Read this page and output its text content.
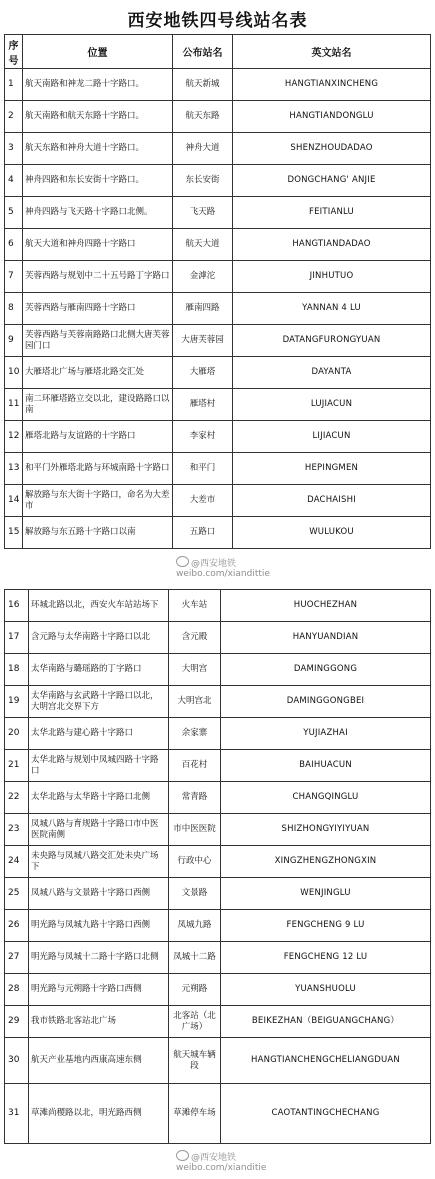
西安地铁四号线站名表
序号	位置	公布站名	英文站名
1	航天南路和神龙二路十字路口。	航天新城	HANGTIANXINCHENG
2	航天南路和航天东路十字路口。	航天东路	HANGTIANDONGLU
3	航天东路和神舟大道十字路口。	神舟大道	SHENZHOUDADAO
4	神舟四路和东长安街十字路口。	东长安街	DONGCHANG' ANJIE
5	神舟四路与飞天路十字路口北侧。	飞天路	FEITIANLU
6	航天大道和神舟四路十字路口	航天大道	HANGTIANDADAO
7	芙蓉西路与规划中二十五号路丁字路口	金滹沱	JINHUTUO
8	芙蓉西路与雁南四路十字路口	雁南四路	YANNAN 4 LU
9	芙蓉西路与芙蓉南路路口北侧大唐芙蓉园门口	大唐芙蓉园	DATANGFURONGYUAN
10	大雁塔北广场与雁塔北路交汇处	大雁塔	DAYANTA
11	南二环雁塔路立交以北，建设路路口以南	雁塔村	LUJIACUN
12	雁塔北路与友谊路的十字路口	李家村	LIJIACUN
13	和平门外雁塔北路与环城南路十字路口	和平门	HEPINGMEN
14	解放路与东大街十字路口，命名为大差市	大差市	DACHAISHI
15	解放路与东五路十字路口以南	五路口	WULUKOU
16	环城北路以北，西安火车站站场下	火车站	HUOCHEZHAN
17	含元路与太华南路十字路口以北	含元殿	HANYUANDIAN
18	太华南路与璐瑶路的丁字路口	大明宫	DAMINGGONG
19	太华南路与玄武路十字路口以北，大明宫北交界下方	大明宫北	DAMINGGONGBEI
20	太华北路与建心路十字路口	余家寨	YUJIAZHAI
21	太华北路与规划中凤城四路十字路口	百花村	BAIHUACUN
22	太华北路与太华路十字路口北侧	常青路	CHANGQINGLU
23	凤城八路与育规路十字路口市中医医院南侧	市中医医院	SHIZHONGYIYIYUAN
24	未央路与凤城八路交汇处未央广场下	行政中心	XINGZHENGZHONGXIN
25	凤城八路与文景路十字路口西侧	文景路	WENJINGLU
26	明光路与凤城九路十字路口西侧	凤城九路	FENGCHENG 9 LU
27	明光路与凤城十二路十字路口北侧	凤城十二路	FENGCHENG 12 LU
28	明光路与元朔路十字路口西侧	元朔路	YUANSHUOLU
29	我市铁路北客站北广场	北客站（北广场）	BEIKEZHAN（BEIGUANGCHANG）
30	航天产业基地内西康高速东侧	航天城车辆段	HANGTIANCHENGCHELIANGDUAN
31	草滩尚稷路以北，明光路西侧	草滩停车场	CAOTANTINGCHECHANG
@西安地铁
weibo.com/xiandittie
@西安地铁
weibo.com/xianditie
